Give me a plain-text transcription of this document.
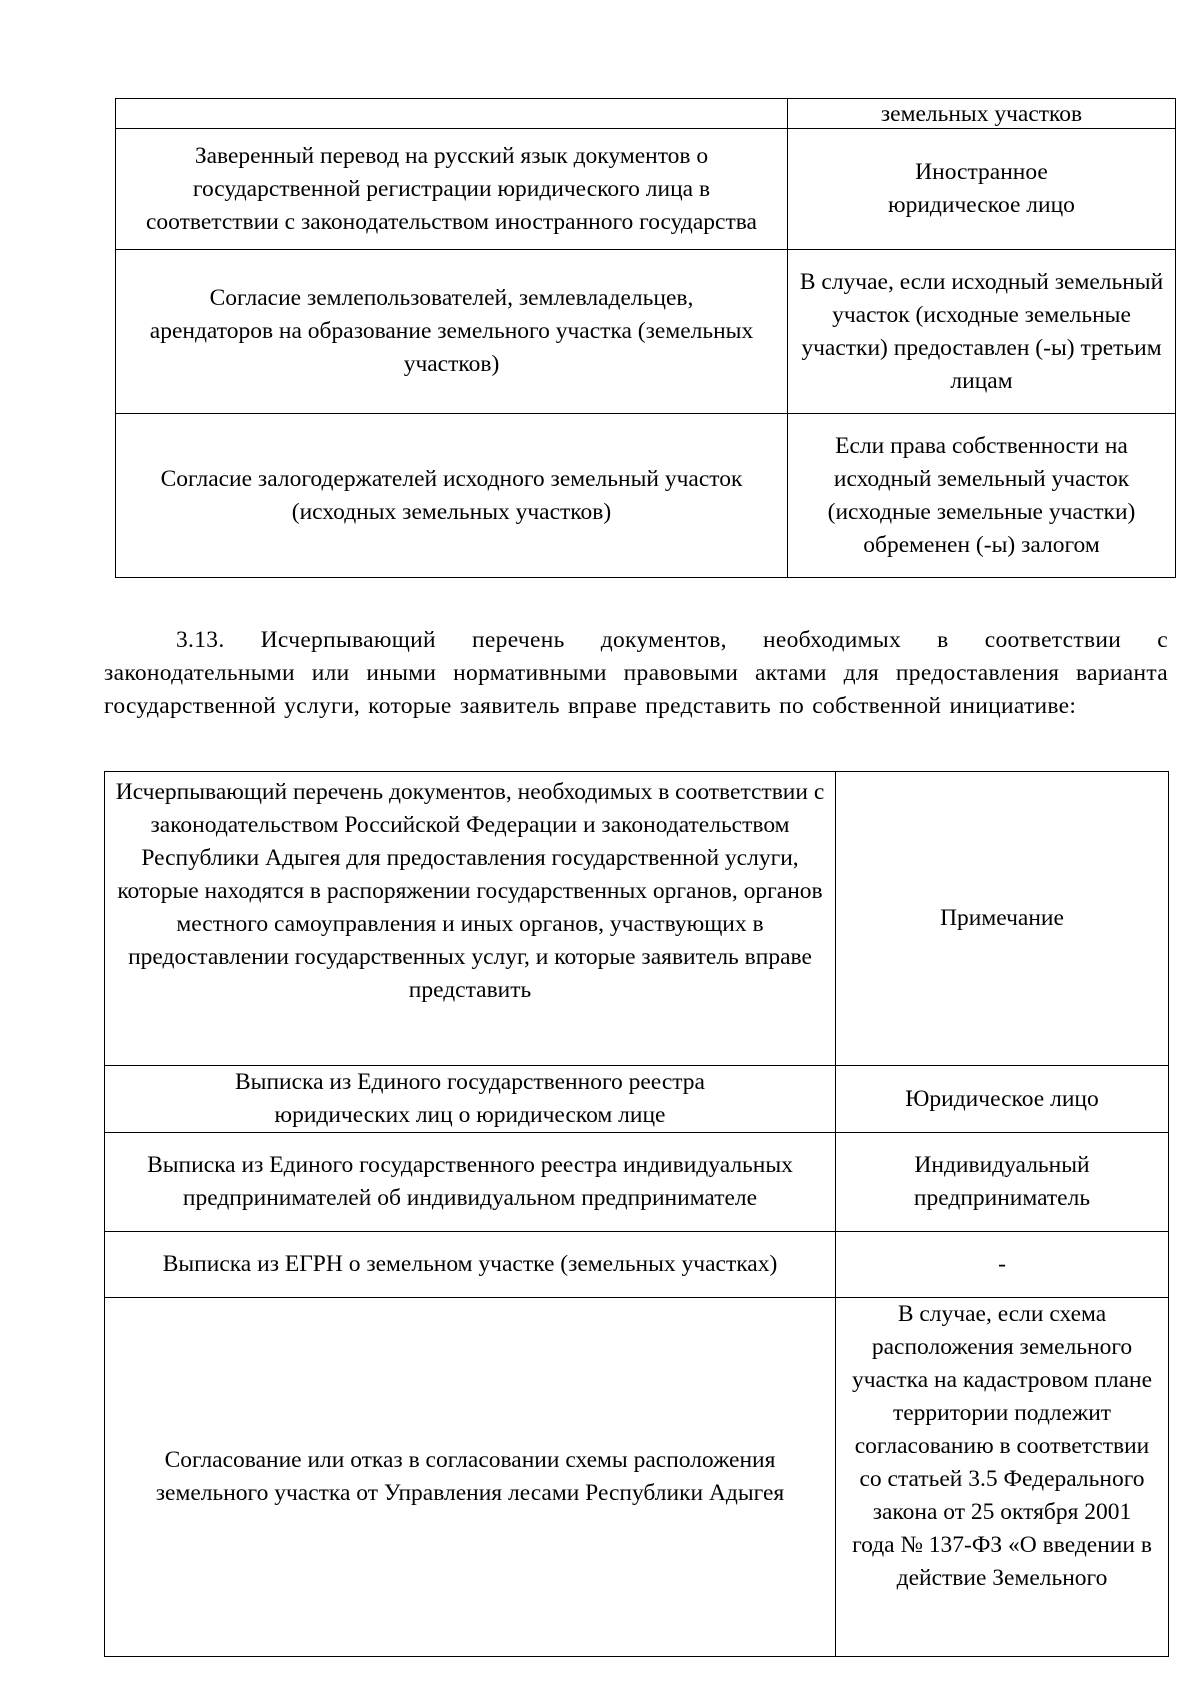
	земельных участков
Заверенный перевод на русский язык документов о государственной регистрации юридического лица в соответствии с законодательством иностранного государства	Иностранное юридическое лицо
Согласие землепользователей, землевладельцев, арендаторов на образование земельного участка (земельных участков)	В случае, если исходный земельный участок (исходные земельные участки) предоставлен (-ы) третьим лицам
Согласие залогодержателей исходного земельный участок (исходных земельных участков)	Если права собственности на исходный земельный участок (исходные земельные участки) обременен (-ы) залогом
3.13. Исчерпывающий перечень документов, необходимых в соответствии с законодательными или иными нормативными правовыми актами для предоставления варианта государственной услуги, которые заявитель вправе представить по собственной инициативе:
Исчерпывающий перечень документов, необходимых в соответствии с законодательством Российской Федерации и законодательством Республики Адыгея для предоставления государственной услуги, которые находятся в распоряжении государственных органов, органов местного самоуправления и иных органов, участвующих в предоставлении государственных услуг, и которые заявитель вправе представить	Примечание
Выписка из Единого государственного реестра юридических лиц о юридическом лице	Юридическое лицо
Выписка из Единого государственного реестра индивидуальных предпринимателей об индивидуальном предпринимателе	Индивидуальный предприниматель
Выписка из ЕГРН о земельном участке (земельных участках)	-
Согласование или отказ в согласовании схемы расположения земельного участка от Управления лесами Республики Адыгея	В случае, если схема расположения земельного участка на кадастровом плане территории подлежит согласованию в соответствии со статьей 3.5 Федерального закона от 25 октября 2001 года № 137-ФЗ «О введении в действие Земельного
